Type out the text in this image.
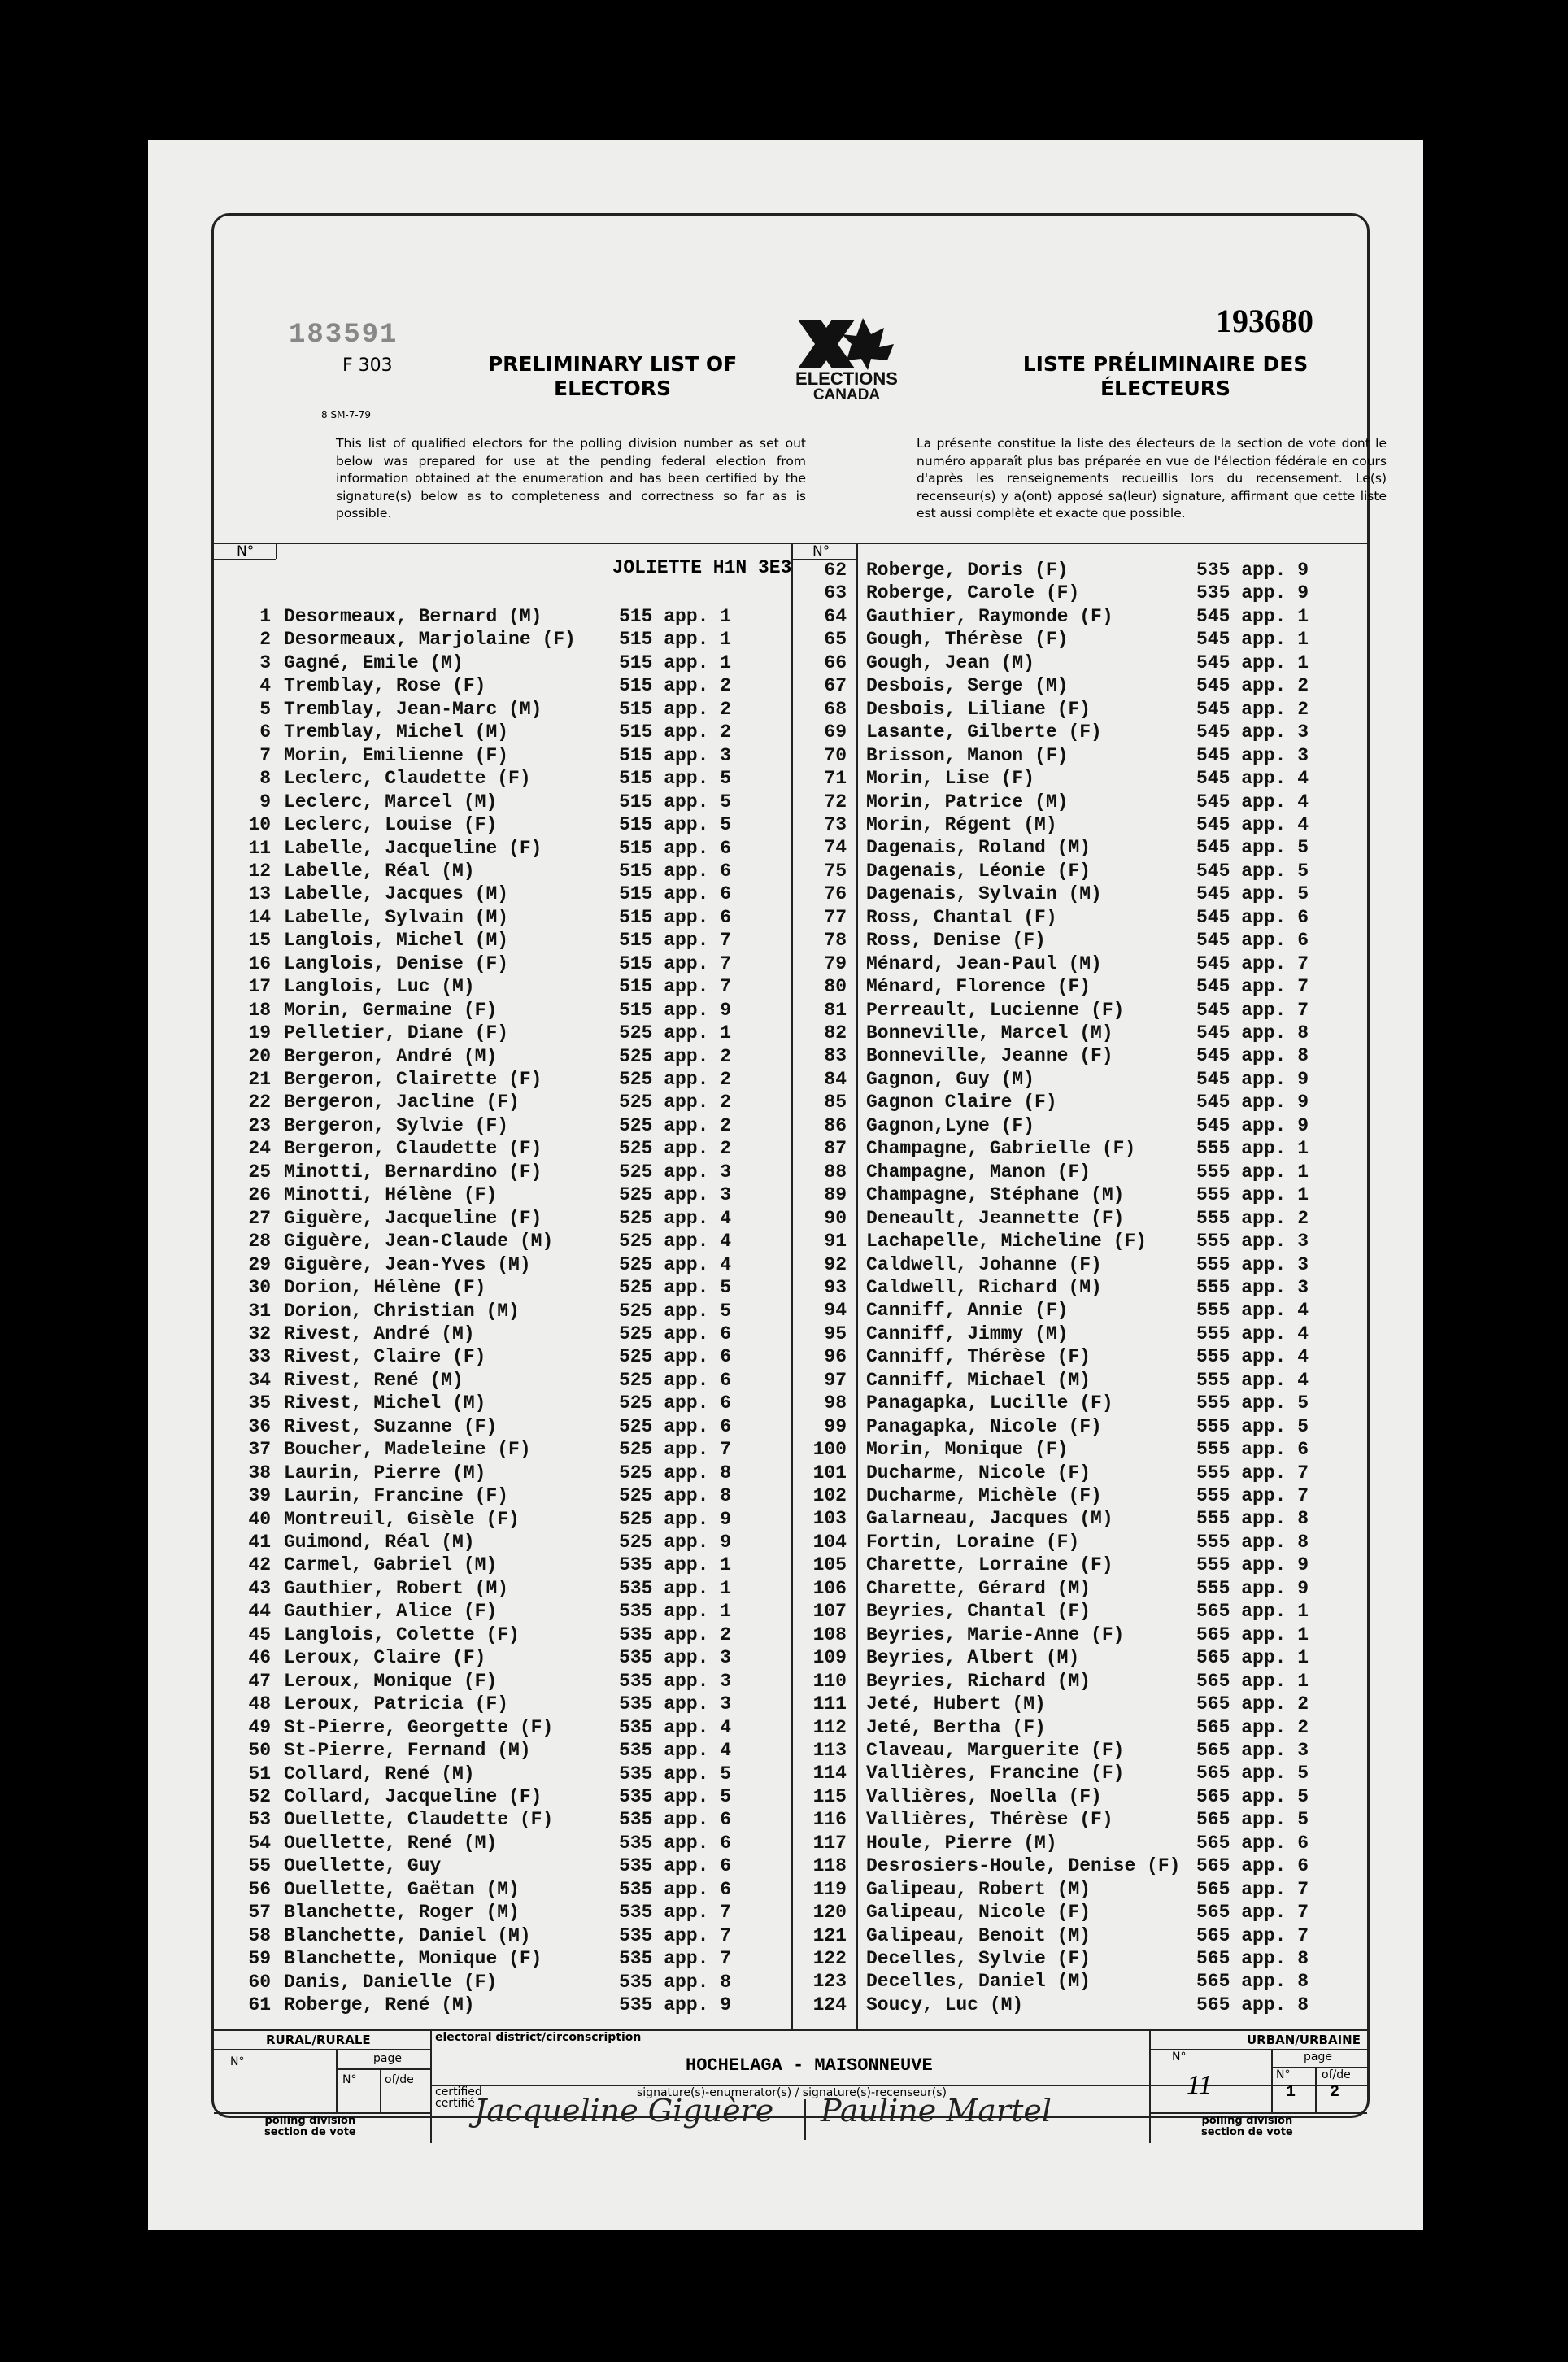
183591
F 303
8 SM-7-79
PRELIMINARY LIST OF
ELECTORS	ELECTIONS
CANADA
LISTE PRÉLIMINAIRE DES
ÉLECTEURS
193680
This list of qualified electors for the polling division number as set out below was prepared for use at the pending federal election from information obtained at the enumeration and has been certified by the signature(s) below as to completeness and correctness so far as is possible.
La présente constitue la liste des électeurs de la section de vote dont le numéro apparaît plus bas préparée en vue de l'élection fédérale en cours d'après les renseignements recueillis lors du recensement. Le(s) recenseur(s) y a(ont) apposé sa(leur) signature, affirmant que cette liste est aussi complète et exacte que possible.
N°	N°
JOLIETTE H1N 3E3
1 Desormeaux, Bernard (M)	515 app. 1
2 Desormeaux, Marjolaine (F) 515 app. 1
3 Gagné, Emile (M)	515 app. 1
4 Tremblay, Rose (F)	515 app. 2
5 Tremblay, Jean-Marc (M)	515 app. 2
6 Tremblay, Michel (M)	515 app. 2
7 Morin, Emilienne (F)	515 app. 3
8 Leclerc, Claudette (F)	515 app. 5
9 Leclerc, Marcel (M)	515 app. 5
10 Leclerc, Louise (F)	515 app. 5
11 Labelle, Jacqueline (F)	515 app. 6
12 Labelle, Réal (M)	515 app. 6
13 Labelle, Jacques (M)	515 app. 6
14 Labelle, Sylvain (M)	515 app. 6
15 Langlois, Michel (M)	515 app. 7
16 Langlois, Denise (F)	515 app. 7
17 Langlois, Luc (M)	515 app. 7
18 Morin, Germaine (F)	515 app. 9
19 Pelletier, Diane (F)	525 app. 1
20 Bergeron, André (M)	525 app. 2
21 Bergeron, Clairette (F)	525 app. 2
22 Bergeron, Jacline (F)	525 app. 2
23 Bergeron, Sylvie (F)	525 app. 2
24 Bergeron, Claudette (F)	525 app. 2
25 Minotti, Bernardino (F)	525 app. 3
26 Minotti, Hélène (F)	525 app. 3
27 Giguère, Jacqueline (F)	525 app. 4
28 Giguère, Jean-Claude (M)	525 app. 4
29 Giguère, Jean-Yves (M)	525 app. 4
30 Dorion, Hélène (F)	525 app. 5
31 Dorion, Christian (M)	525 app. 5
32 Rivest, André (M)	525 app. 6
33 Rivest, Claire (F)	525 app. 6
34 Rivest, René (M)	525 app. 6
35 Rivest, Michel (M)	525 app. 6
36 Rivest, Suzanne (F)	525 app. 6
37 Boucher, Madeleine (F)	525 app. 7
38 Laurin, Pierre (M)	525 app. 8
39 Laurin, Francine (F)	525 app. 8
40 Montreuil, Gisèle (F)	525 app. 9
41 Guimond, Réal (M)	525 app. 9
42 Carmel, Gabriel (M)	535 app. 1
43 Gauthier, Robert (M)	535 app. 1
44 Gauthier, Alice (F)	535 app. 1
45 Langlois, Colette (F)	535 app. 2
46 Leroux, Claire (F)	535 app. 3
47 Leroux, Monique (F)	535 app. 3
48 Leroux, Patricia (F)	535 app. 3
49 St-Pierre, Georgette (F)	535 app. 4
50 St-Pierre, Fernand (M)	535 app. 4
51 Collard, René (M)	535 app. 5
52 Collard, Jacqueline (F)	535 app. 5
53 Ouellette, Claudette (F)	535 app. 6
54 Ouellette, René (M)	535 app. 6
55 Ouellette, Guy	535 app. 6
56 Ouellette, Gaëtan (M)	535 app. 6
57 Blanchette, Roger (M)	535 app. 7
58 Blanchette, Daniel (M)	535 app. 7
59 Blanchette, Monique (F)	535 app. 7
60 Danis, Danielle (F)	535 app. 8
61 Roberge, René (M)	535 app. 9
62 Roberge, Doris (F)	535 app. 9
63 Roberge, Carole (F)	535 app. 9
64 Gauthier, Raymonde (F)	545 app. 1
65 Gough, Thérèse (F)	545 app. 1
66 Gough, Jean (M)	545 app. 1
67 Desbois, Serge (M)	545 app. 2
68 Desbois, Liliane (F)	545 app. 2
69 Lasante, Gilberte (F)	545 app. 3
70 Brisson, Manon (F)	545 app. 3
71 Morin, Lise (F)	545 app. 4
72 Morin, Patrice (M)	545 app. 4
73 Morin, Régent (M)	545 app. 4
74 Dagenais, Roland (M)	545 app. 5
75 Dagenais, Léonie (F)	545 app. 5
76 Dagenais, Sylvain (M)	545 app. 5
77 Ross, Chantal (F)	545 app. 6
78 Ross, Denise (F)	545 app. 6
79 Ménard, Jean-Paul (M)	545 app. 7
80 Ménard, Florence (F)	545 app. 7
81 Perreault, Lucienne (F)	545 app. 7
82 Bonneville, Marcel (M)	545 app. 8
83 Bonneville, Jeanne (F)	545 app. 8
84 Gagnon, Guy (M)	545 app. 9
85 Gagnon Claire (F)	545 app. 9
86 Gagnon,Lyne (F)	545 app. 9
87 Champagne, Gabrielle (F)	555 app. 1
88 Champagne, Manon (F)	555 app. 1
89 Champagne, Stéphane (M)	555 app. 1
90 Deneault, Jeannette (F)	555 app. 2
91 Lachapelle, Micheline (F)	555 app. 3
92 Caldwell, Johanne (F)	555 app. 3
93 Caldwell, Richard (M)	555 app. 3
94 Canniff, Annie (F)	555 app. 4
95 Canniff, Jimmy (M)	555 app. 4
96 Canniff, Thérèse (F)	555 app. 4
97 Canniff, Michael (M)	555 app. 4
98 Panagapka, Lucille (F)	555 app. 5
99 Panagapka, Nicole (F)	555 app. 5
100 Morin, Monique (F)	555 app. 6
101 Ducharme, Nicole (F)	555 app. 7
102 Ducharme, Michèle (F)	555 app. 7
103 Galarneau, Jacques (M)	555 app. 8
104 Fortin, Loraine (F)	555 app. 8
105 Charette, Lorraine (F)	555 app. 9
106 Charette, Gérard (M)	555 app. 9
107 Beyries, Chantal (F)	565 app. 1
108 Beyries, Marie-Anne (F)	565 app. 1
109 Beyries, Albert (M)	565 app. 1
110 Beyries, Richard (M)	565 app. 1
111 Jeté, Hubert (M)	565 app. 2
112 Jeté, Bertha (F)	565 app. 2
113 Claveau, Marguerite (F)	565 app. 3
114 Vallières, Francine (F)	565 app. 5
115 Vallières, Noella (F)	565 app. 5
116 Vallières, Thérèse (F)	565 app. 5
117 Houle, Pierre (M)	565 app. 6
118 Desrosiers-Houle, Denise (F) 565 app. 6
119 Galipeau, Robert (M)	565 app. 7
120 Galipeau, Nicole (F)	565 app. 7
121 Galipeau, Benoit (M)	565 app. 7
122 Decelles, Sylvie (F)	565 app. 8
123 Decelles, Daniel (M)	565 app. 8
124 Soucy, Luc (M)	565 app. 8
RURAL/RURALE
N°	page
N° of/de
polling division
section de vote
electoral district/circonscription
HOCHELAGA - MAISONNEUVE
certified
certifié
signature(s)-enumerator(s) / signature(s)-recenseur(s)
Jacqueline Giguère Pauline Martel
URBAN/URBAINE
N°
11
page
N°
1
of/de
2
polling division
section de vote
